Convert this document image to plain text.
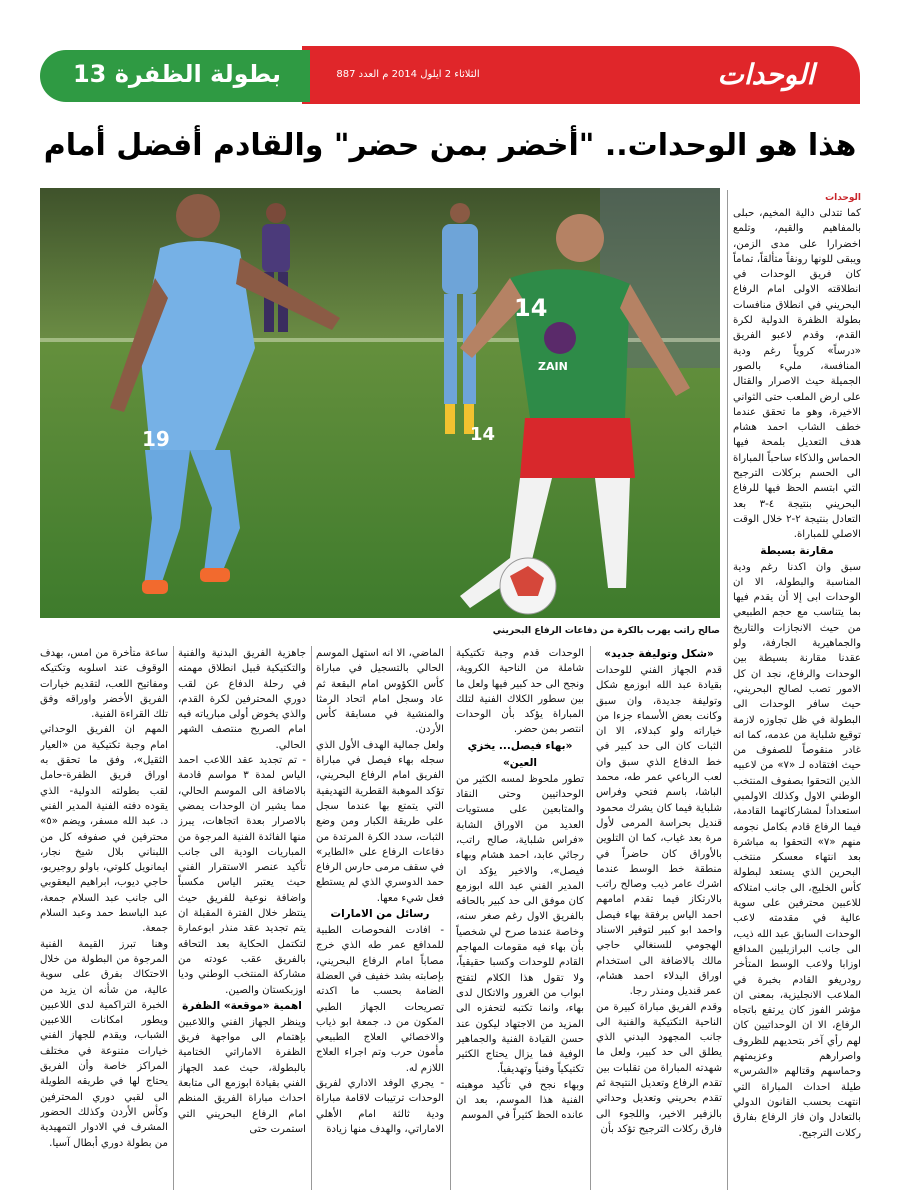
بطولة الظفرة 13	الثلاثاء 2 ايلول 2014 م العدد 887	الوحدات
هذا هو الوحدات.. "أخضر بمن حضر" والقادم أفضل أمام
19
ZAIN
14
14
صالح راتب يهرب بالكرة من دفاعات الرفاع البحريني

الوحدات

كما تتدلى دالية المخيم، حبلى بالمفاهيم والقيم، وتلمع اخضرارا على مدى الزمن، ويبقى للونها رونقاً متألقاً، تماماً كان فريق الوحدات في انطلاقته الاولى امام الرفاع البحريني في انطلاق منافسات بطولة الظفرة الدولية لكرة القدم، وقدم لاعبو الفريق «درساً» كروياً رغم ودية المنافسة، مليء بالصور الجميلة حيث الاصرار والقتال على ارض الملعب حتى الثواني الاخيرة، وهو ما تحقق عندما خطف الشاب احمد هشام هدف التعديل بلمحة فيها الحماس والذكاء ساحباً المباراة الى الحسم بركلات الترجيح التي ابتسم الحظ فيها للرفاع البحريني بنتيجة ٤-٣ بعد التعادل بنتيجة ٢-٢ خلال الوقت الاصلي للمباراة.

مقارنة بسيطة

سبق وان اكدنا رغم ودية المناسبة والبطولة، الا ان الوحدات ابى إلا أن يقدم فيها بما يتناسب مع حجم الطبيعي من حيث الانجازات والتاريخ والجماهيرية الجارفة، ولو عقدنا مقارنة بسيطة بين الوحدات والرفاع، نجد ان كل الامور تصب لصالح البحريني، حيث سافر الوحدات الى البطولة في ظل تجاوزه لازمة توقيع شلباية من عدمه، كما انه غادر منقوصاً للصفوف من حيث افتقاده لـ «٧» من لاعبيه الذين التحقوا بصفوف المنتخب الوطني الاول وكذلك الاولمبي استعداداً لمشاركاتهما القادمة، فيما الرفاع قادم بكامل نجومه منهم «٧» التحقوا به مباشرة بعد انتهاء معسكر منتخب البحرين الذي يستعد لبطولة كأس الخليج، الى جانب امتلاكه للاعبين محترفين على سوية عالية في مقدمته لاعب الوحدات السابق عبد الله ذيب، الى جانب البرازيليين المدافع اوزابا ولاعب الوسط المتأخر رودريغو القادم بخبرة في الملاعب الانجليزية، بمعنى ان مؤشر الفوز كان يرتفع باتجاه الرفاع، الا ان الوحداتيين كان لهم رأي آخر بتحديهم للظروف واصرارهم وعزيمتهم وحماسهم وقتالهم «الشرس» طيلة احداث المباراة التي انتهت بحسب القانون الدولي بالتعادل وان فاز الرفاع بفارق ركلات الترجيح.

«شكل وتوليفة جديد»

قدم الجهاز الفني للوحدات بقيادة عبد الله ابوزمع شكل وتوليفة جديدة، وان سبق وكانت بعض الأسماء جزءا من خياراته ولو كبدلاء، الا ان الثبات كان الى حد كبير في خط الدفاع الذي سبق وان لعب الرباعي عمر طه، محمد الباشا، باسم فتحي وفراس شلباية فيما كان يشرك محمود قنديل بحراسة المرمى لأول مرة بعد غياب، كما ان التلوين بالأوراق كان حاضراً في منطقة خط الوسط عندما اشرك عامر ذيب وصالح راتب بالارتكاز فيما تقدم امامهم احمد الياس برفقة بهاء فيصل واحمد ابو كبير لتوفير الاسناد الهجومي للسنغالي حاجي مالك بالاضافة الى استخدام اوراق البدلاء احمد هشام، عمر قنديل ومنذر رجا.

وقدم الفريق مباراة كبيرة من الناحية التكتيكية والفنية الى جانب المجهود البدني الذي يطلق الى حد كبير، ولعل ما شهدته المباراة من تقلبات بين تقدم الرفاع وتعديل النتيجة ثم تقدم بحريني وتعديل وحداتي بالزفير الاخير، واللجوء الى فارق ركلات الترجيح تؤكد بأن

الوحدات قدم وجبة تكتيكية شاملة من الناحية الكروية، ونجح الى حد كبير فيها ولعل ما بين سطور الكلاك الفنية لتلك المباراة يؤكد بأن الوحدات انتصر بمن حضر.

«بهاء فيصل... يخزي العين»

تطور ملحوظ لمسه الكثير من الوحداتيين وحتى النقاد والمتابعين على مستويات العديد من الاوراق الشابة «فراس شلباية، صالح راتب، رجائي عابد، احمد هشام وبهاء فيصل»، والاخير يؤكد ان المدير الفني عبد الله ابوزمع كان موفق الى حد كبير بالحاقه بالفريق الاول رغم صغر سنه، وخاصة عندما صرح لي شخصياً بأن بهاء فيه مقومات المهاجم القادم للوحدات وكسبا حقيقياً، ولا تقول هذا الكلام لتفتح ابواب من الغرور والاتكال لدى بهاء، وانما تكتبه لتحفزه الى المزيد من الاجتهاد ليكون عند حسن القيادة الفنية والجماهير الوفية فما يزال يحتاج الكثير تكتيكياً وفنياً وتهديفياً.

وبهاء نجح في تأكيد موهبته الفنية هذا الموسم، بعد ان عانده الحظ كثيراً في الموسم

الماضي، الا انه استهل الموسم الحالي بالتسجيل في مباراة كأس الكؤوس امام البقعة ثم عاد وسجل امام اتحاد الرمثا والمنشية في مسابقة كأس الأردن.

ولعل جمالية الهدف الأول الذي سجله بهاء فيصل في مباراة الفريق امام الرفاع البحريني، تؤكد الموهبة القطرية التهديفية التي يتمتع بها عندما سجل على طريقة الكبار ومن وضع الثبات، سدد الكرة المرتدة من دفاعات الرفاع على «الطاير» في سقف مرمى حارس الرفاع حمد الدوسري الذي لم يستطع فعل شيء معها.

رسائل من الامارات

- افادت الفحوصات الطبية للمدافع عمر طه الذي خرج مصاباً امام الرفاع البحريني، بإصابته بشد خفيف في العضلة الضامة بحسب ما اكدته تصريحات الجهاز الطبي المكون من د. جمعة ابو ذياب والاخصائي العلاج الطبيعي مأمون حرب وتم اجراء العلاج اللازم له.

- يجري الوفد الاداري لفريق الوحدات ترتيبات لاقامة مباراة ودية ثالثة امام الأهلي الاماراتي، والهدف منها زيادة

جاهزية الفريق البدنية والفنية والتكتيكية قبيل انطلاق مهمته في رحلة الدفاع عن لقب دوري المحترفين لكرة القدم، والذي يخوض أولى مبارياته فيه امام الصريح منتصف الشهر الحالي.

- تم تجديد عقد اللاعب احمد الياس لمدة ٣ مواسم قادمة بالاضافة الى الموسم الحالي، مما يشير ان الوحدات يمضي بالاصرار بعدة اتجاهات، يبرز منها الفائدة الفنية المرجوة من المباريات الودية الى جانب تأكيد عنصر الاستقرار الفني حيث يعتبر الياس مكسباً واضافة نوعية للفريق حيث ينتظر خلال الفترة المقبلة ان يتم تجديد عقد منذر ابوعمارة لتكتمل الحكاية بعد التحاقه بالفريق عقب عودته من مشاركة المنتخب الوطني وديا اوزبكستان والصين.

اهمية «موقعة» الظفرة

وينظر الجهاز الفني واللاعبين بإهتمام الى مواجهة فريق الظفرة الاماراتي الختامية بالبطولة، حيث عمد الجهاز الفني بقيادة ابوزمع الى متابعة احداث مباراة الفريق المنظم امام الرفاع البحريني التي استمرت حتى

ساعة متأخرة من امس، بهدف الوقوف عند اسلوبه وتكتيكه ومفاتيح اللعب، لتقديم خيارات الفريق الأخضر واوراقه وفق تلك القراءة الفنية.

المهم ان الفريق الوحداتي امام وجبة تكتيكية من «العيار الثقيل»، وفق ما تحقق به اوراق فريق الظفرة-حامل لقب بطولته الدولية- الذي يقوده دفته الفنية المدير الفني د. عبد الله مسفر، ويضم «٥» محترفين في صفوفه كل من اللبناني بلال شيخ نجار، ايمانويل كلوتي، باولو روجيريو، حاجي ديوب، ابراهيم اليعقوبي الى جانب عبد السلام جمعة، عبد الباسط حمد وعبد السلام جمعة.

وهنا تبرز القيمة الفنية المرجوة من البطولة من خلال الاحتكاك بفرق على سوية عالية، من شأنه ان يزيد من الخبرة التراكمية لدى اللاعبين ويطور امكانات اللاعبين الشباب، ويقدم للجهاز الفني خيارات متنوعة في مختلف المراكز خاصة وأن الفريق يحتاج لها في طريقه الطويلة الى لقبي دوري المحترفين وكأس الأردن وكذلك الحضور المشرف في الادوار التمهيدية من بطولة دوري أبطال آسيا.
